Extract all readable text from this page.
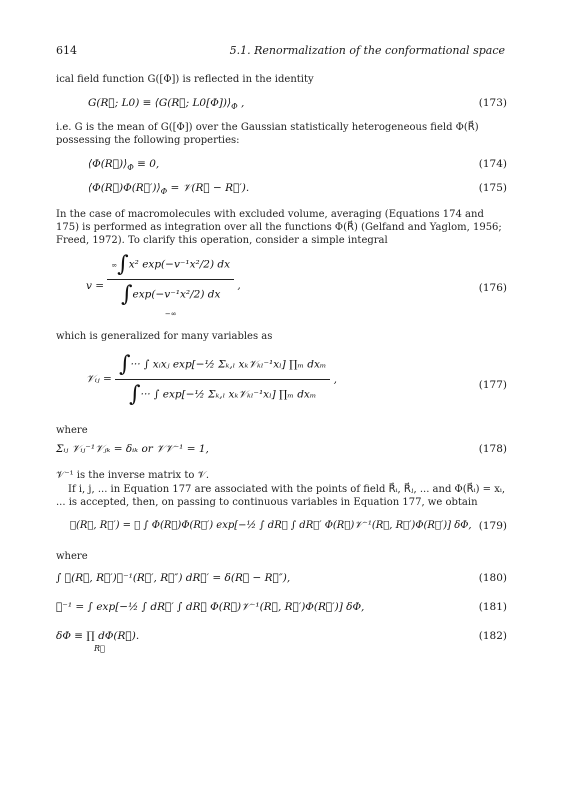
614	5.1. Renormalization of the conformational space
ical field function G([Φ]) is reflected in the identity
G(R⃗; L0) ≡ ⟨G(R⃗; $L0[\Phi])⟩_\Phi$ ,	(173)
i.e. G is the mean of G([Φ]) over the Gaussian statistically heterogeneous field Φ(R⃗) possessing the following properties:
$⟨\Phi(R⃗)⟩_\Phi \equiv 0$,	(174)
$⟨\Phi(R⃗)\Phi(R⃗')⟩_\Phi$ = 𝒱(R⃗ − R⃗′).	(175)
In the case of macromolecules with excluded volume, averaging (Equations 174 and 175) is performed as integration over all the functions Φ(R⃗) (Gelfand and Yaglom, 1956; Freed, 1972). To clarify this operation, consider a simple integral
v =
∞∫x² exp(−v⁻¹x²/2) dx
∫exp(−v⁻¹x²/2) dx
−∞
,	(176)
which is generalized for many variables as
𝒱ᵢⱼ = $\frac{\text{∫··· ∫ xᵢxⱼ exp[−½ Σₖ,ₗ xₖ𝒱ₖₗ⁻¹xₗ] ∏ₘ dxₘ}}{\text{∫··· ∫ exp[−½ Σₖ,ₗ xₖ𝒱ₖₗ⁻¹xₗ] ∏ₘ dxₘ}}$ ,	(177)
where
Σᵢⱼ 𝒱ᵢⱼ⁻¹𝒱ⱼₖ = δᵢₖ or 𝒱𝒱⁻¹ = 1,	(178)
𝒱⁻¹ is the inverse matrix to 𝒱.
If i, j, ... in Equation 177 are associated with the points of field R⃗ᵢ, R⃗ⱼ, ... and Φ(R⃗ᵢ) = xᵢ, ... is accepted, then, on passing to continuous variables in Equation 177, we obtain
𝒱(R⃗, R⃗′) = 𝒩 ∫ Φ(R⃗)Φ(R⃗′) exp[−½ ∫ dR⃗ ∫ dR⃗′ Φ(R⃗)𝒱⁻¹(R⃗, R⃗′)Φ(R⃗′)] δΦ, (179)
where
∫ 𝒱(R⃗, R⃗′)𝒱⁻¹(R⃗′, R⃗″) dR⃗′ = δ(R⃗ − R⃗″),	(180)
𝒩⁻¹ = ∫ exp[−½ ∫ dR⃗′ ∫ dR⃗ Φ(R⃗)𝒱⁻¹(R⃗, R⃗′)Φ(R⃗′)] δΦ,	(181)
δΦ ≡ ∏ dΦ(R⃗).
R⃗
(182)
